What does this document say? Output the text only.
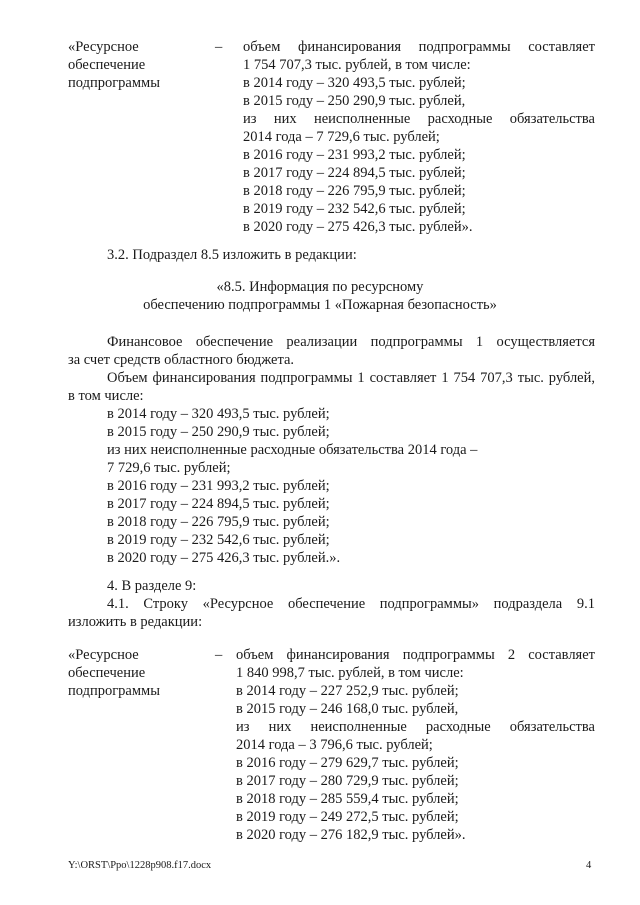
«Ресурсное
обеспечение
подпрограммы
– объем финансирования подпрограммы составляет
1 754 707,3 тыс. рублей, в том числе:
в 2014 году – 320 493,5 тыс. рублей;
в 2015 году – 250 290,9 тыс. рублей,
из них неисполненные расходные обязательства
2014 года – 7 729,6 тыс. рублей;
в 2016 году – 231 993,2 тыс. рублей;
в 2017 году – 224 894,5 тыс. рублей;
в 2018 году – 226 795,9 тыс. рублей;
в 2019 году – 232 542,6 тыс. рублей;
в 2020 году – 275 426,3 тыс. рублей».
3.2. Подраздел 8.5 изложить в редакции:
«8.5. Информация по ресурсному
обеспечению подпрограммы 1 «Пожарная безопасность»
Финансовое обеспечение реализации подпрограммы 1 осуществляется
за счет средств областного бюджета.
Объем финансирования подпрограммы 1 составляет 1 754 707,3 тыс. рублей,
в том числе:
в 2014 году – 320 493,5 тыс. рублей;
в 2015 году – 250 290,9 тыс. рублей;
из них неисполненные расходные обязательства 2014 года –
7 729,6 тыс. рублей;
в 2016 году – 231 993,2 тыс. рублей;
в 2017 году – 224 894,5 тыс. рублей;
в 2018 году – 226 795,9 тыс. рублей;
в 2019 году – 232 542,6 тыс. рублей;
в 2020 году – 275 426,3 тыс. рублей.».
4. В разделе 9:
4.1. Строку «Ресурсное обеспечение подпрограммы» подраздела 9.1
изложить в редакции:
«Ресурсное
обеспечение
подпрограммы
– объем финансирования подпрограммы 2 составляет
1 840 998,7 тыс. рублей, в том числе:
в 2014 году – 227 252,9 тыс. рублей;
в 2015 году – 246 168,0 тыс. рублей,
из них неисполненные расходные обязательства
2014 года – 3 796,6 тыс. рублей;
в 2016 году – 279 629,7 тыс. рублей;
в 2017 году – 280 729,9 тыс. рублей;
в 2018 году – 285 559,4 тыс. рублей;
в 2019 году – 249 272,5 тыс. рублей;
в 2020 году – 276 182,9 тыс. рублей».
Y:\ORST\Ppo\1228p908.f17.docx	4
